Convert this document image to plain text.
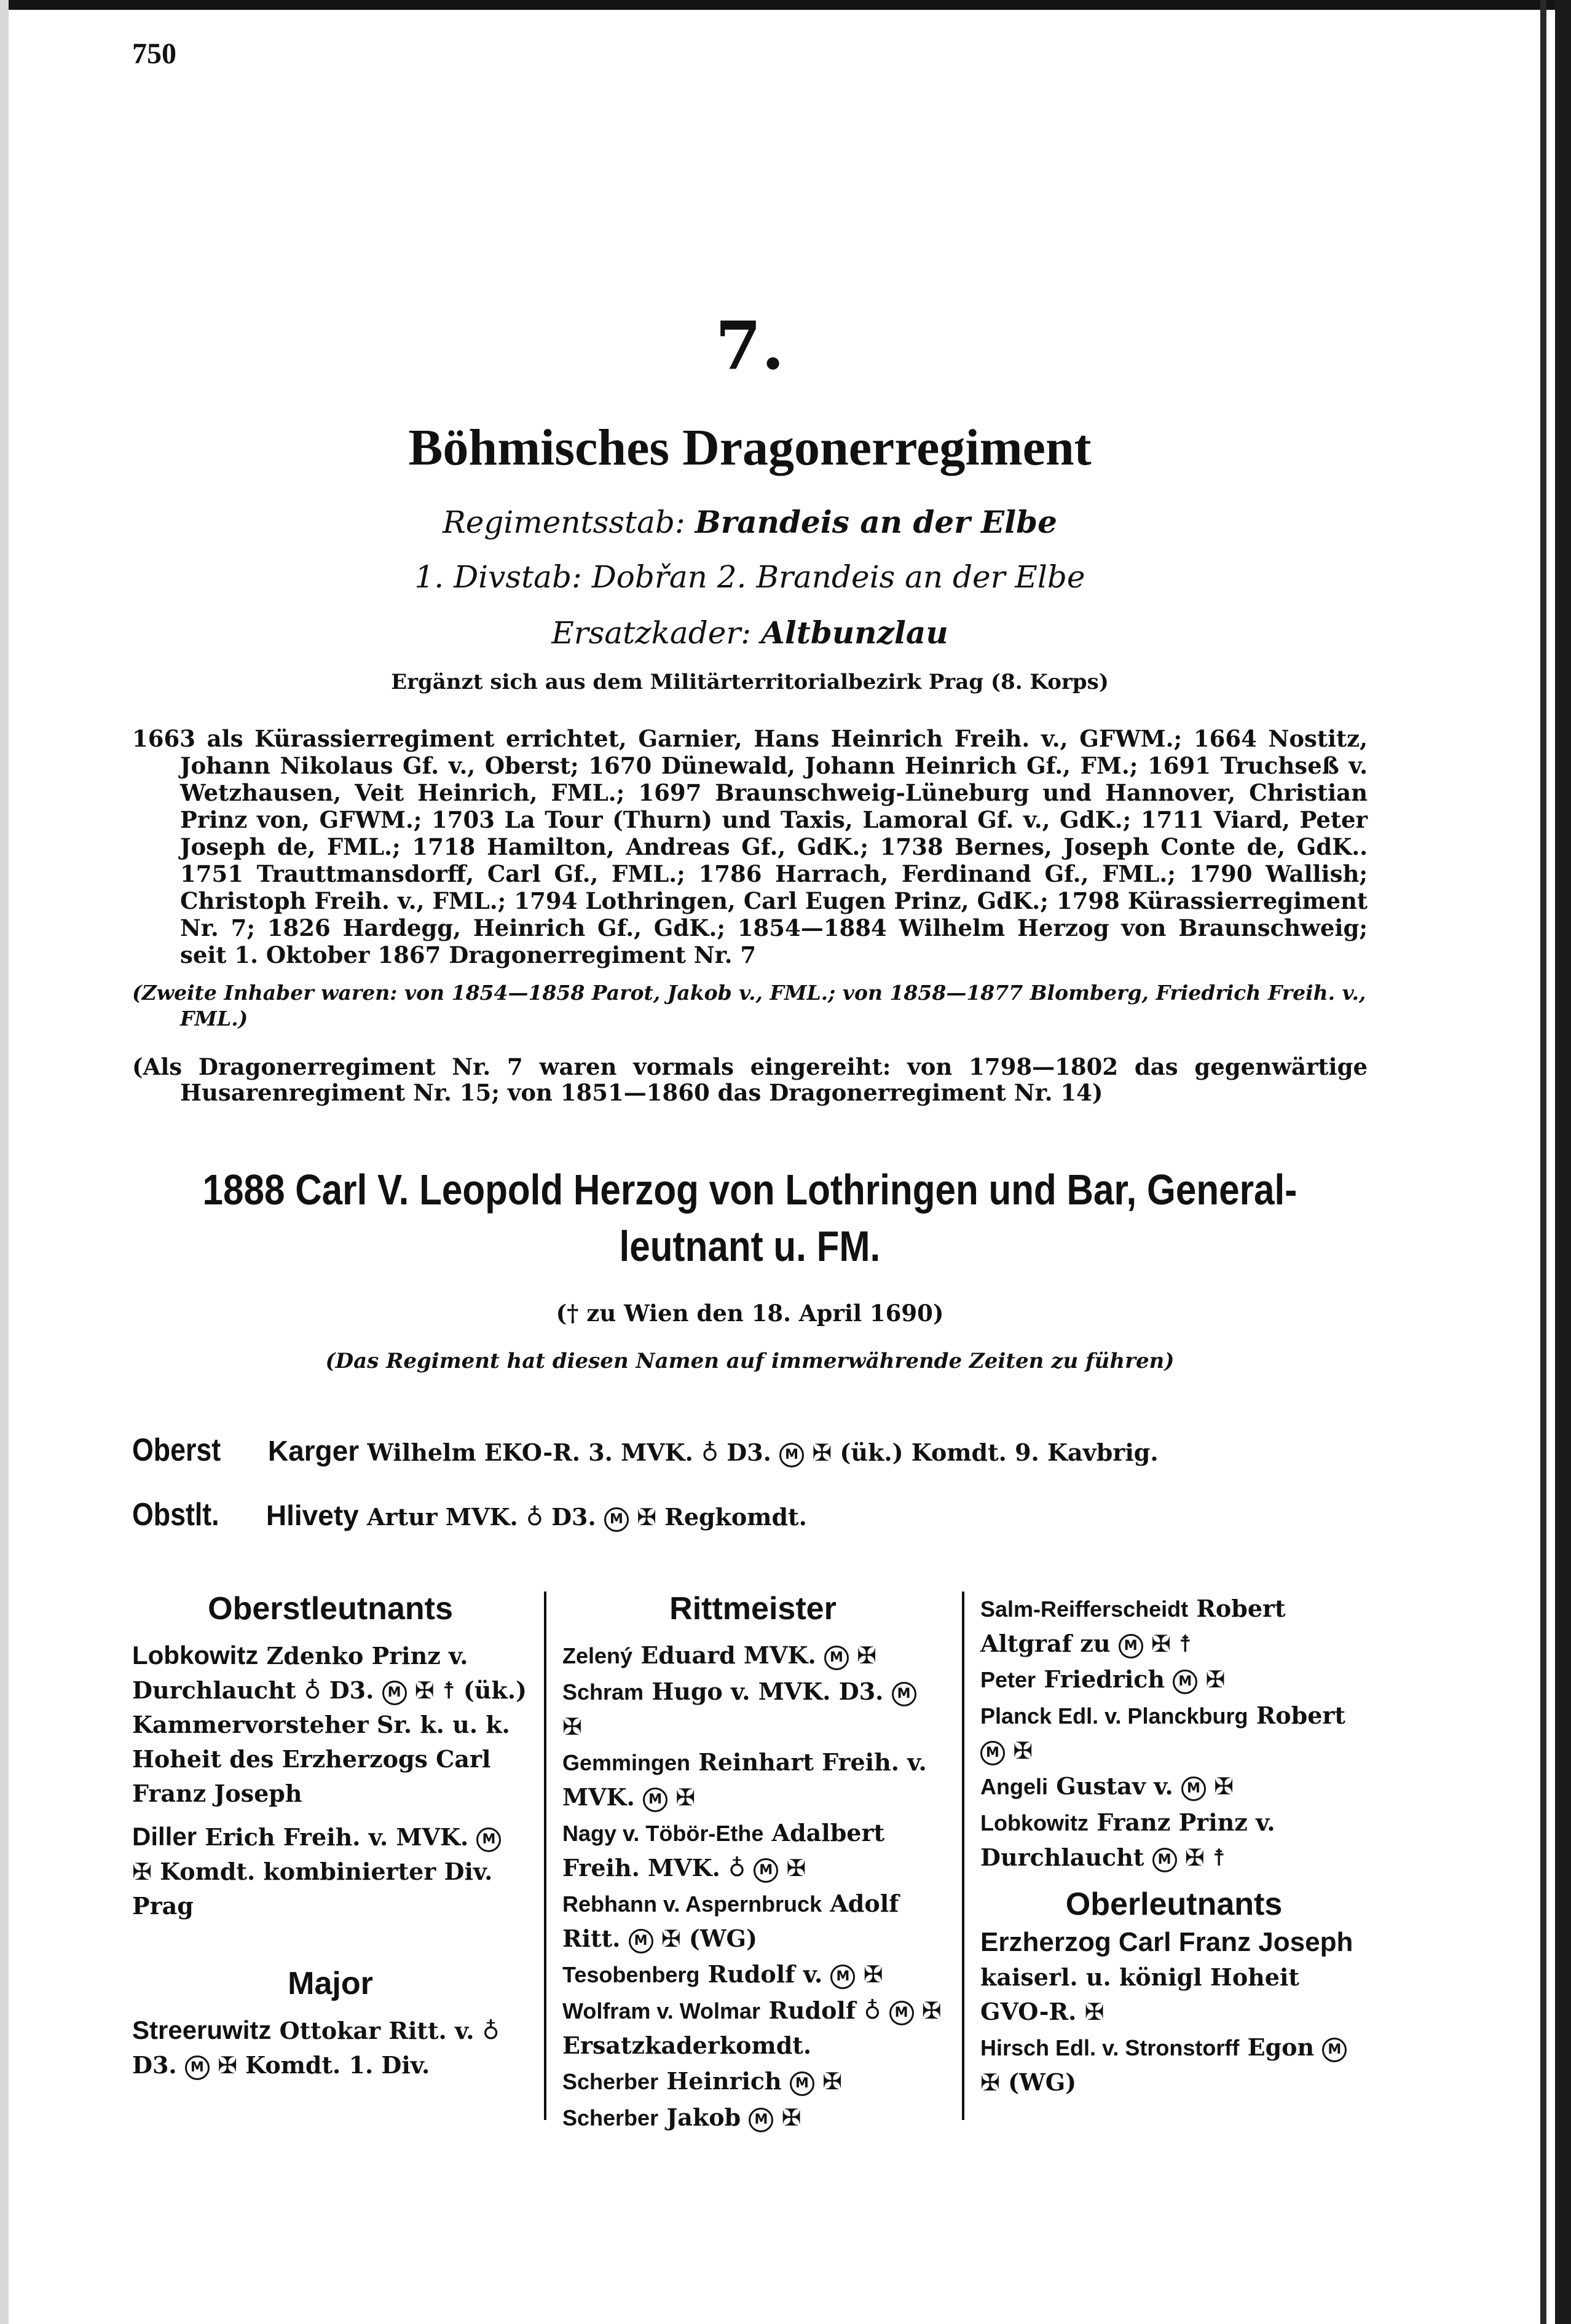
750
7.
Böhmisches Dragonerregiment
Regimentsstab: Brandeis an der Elbe
1. Divstab: Dobřan 2. Brandeis an der Elbe
Ersatzkader: Altbunzlau
Ergänzt sich aus dem Militärterritorialbezirk Prag (8. Korps)
1663 als Kürassierregiment errichtet, Garnier, Hans Heinrich Freih. v., GFWM.; 1664 Nostitz, Johann Nikolaus Gf. v., Oberst; 1670 Dünewald, Johann Heinrich Gf., FM.; 1691 Truchseß v. Wetzhausen, Veit Heinrich, FML.; 1697 Braunschweig-Lüneburg und Hannover, Christian Prinz von, GFWM.; 1703 La Tour (Thurn) und Taxis, Lamoral Gf. v., GdK.; 1711 Viard, Peter Joseph de, FML.; 1718 Hamilton, Andreas Gf., GdK.; 1738 Bernes, Joseph Conte de, GdK.. 1751 Trauttmansdorff, Carl Gf., FML.; 1786 Harrach, Ferdinand Gf., FML.; 1790 Wallish; Christoph Freih. v., FML.; 1794 Lothringen, Carl Eugen Prinz, GdK.; 1798 Kürassierregiment Nr. 7; 1826 Hardegg, Heinrich Gf., GdK.; 1854—1884 Wilhelm Herzog von Braunschweig; seit 1. Oktober 1867 Dragonerregiment Nr. 7
(Zweite Inhaber waren: von 1854—1858 Parot, Jakob v., FML.; von 1858—1877 Blomberg, Friedrich Freih. v., FML.)
(Als Dragonerregiment Nr. 7 waren vormals eingereiht: von 1798—1802 das gegenwärtige Husarenregiment Nr. 15; von 1851—1860 das Dragonerregiment Nr. 14)
1888 Carl V. Leopold Herzog von Lothringen und Bar, General-
leutnant u. FM.
(† zu Wien den 18. April 1690)
(Das Regiment hat diesen Namen auf immerwährende Zeiten zu führen)
Oberst Karger Wilhelm EKO-R. 3. MVK. ♁ D3. M ✠ (ük.) Komdt. 9. Kavbrig.
Obstlt. Hlivety Artur MVK. ♁ D3. M ✠ Regkomdt.
Oberstleutnants
Lobkowitz Zdenko Prinz v. Durchlaucht ♁ D3. M ✠ ☨ (ük.) Kammervorsteher Sr. k. u. k. Hoheit des Erzherzogs Carl Franz Joseph
Diller Erich Freih. v. MVK. M ✠ Komdt. kombinierter Div. Prag
Major
Streeruwitz Ottokar Ritt. v. ♁ D3. M ✠ Komdt. 1. Div.
Rittmeister
Zelený Eduard MVK. M ✠
Schram Hugo v. MVK. D3. M ✠
Gemmingen Reinhart Freih. v. MVK. M ✠
Nagy v. Töbör-Ethe Adalbert Freih. MVK. ♁ M ✠
Rebhann v. Aspernbruck Adolf Ritt. M ✠ (WG)
Tesobenberg Rudolf v. M ✠
Wolfram v. Wolmar Rudolf ♁ M ✠ Ersatzkaderkomdt.
Scherber Heinrich M ✠
Scherber Jakob M ✠
Salm-Reifferscheidt Robert Altgraf zu M ✠ ☨
Peter Friedrich M ✠
Planck Edl. v. Planckburg Robert M ✠
Angeli Gustav v. M ✠
Lobkowitz Franz Prinz v. Durchlaucht M ✠ ☨
Oberleutnants
Erzherzog Carl Franz Joseph kaiserl. u. königl Hoheit GVO-R. ✠
Hirsch Edl. v. Stronstorff Egon M ✠ (WG)
